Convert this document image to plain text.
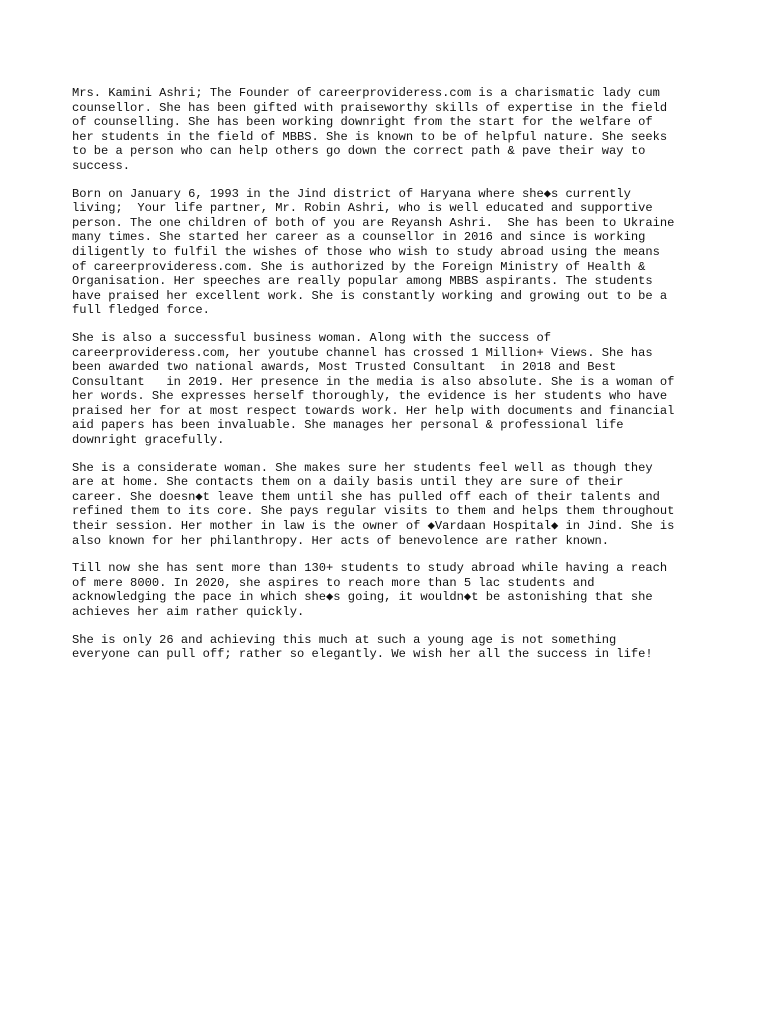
Mrs. Kamini Ashri; The Founder of careerprovideress.com is a charismatic lady cum
counsellor. She has been gifted with praiseworthy skills of expertise in the field
of counselling. She has been working downright from the start for the welfare of
her students in the field of MBBS. She is known to be of helpful nature. She seeks
to be a person who can help others go down the correct path & pave their way to
success.

Born on January 6, 1993 in the Jind district of Haryana where she◆s currently
living;  Your life partner, Mr. Robin Ashri, who is well educated and supportive
person. The one children of both of you are Reyansh Ashri.  She has been to Ukraine
many times. She started her career as a counsellor in 2016 and since is working
diligently to fulfil the wishes of those who wish to study abroad using the means
of careerprovideress.com. She is authorized by the Foreign Ministry of Health &
Organisation. Her speeches are really popular among MBBS aspirants. The students
have praised her excellent work. She is constantly working and growing out to be a
full fledged force.

She is also a successful business woman. Along with the success of
careerprovideress.com, her youtube channel has crossed 1 Million+ Views. She has
been awarded two national awards, Most Trusted Consultant  in 2018 and Best
Consultant   in 2019. Her presence in the media is also absolute. She is a woman of
her words. She expresses herself thoroughly, the evidence is her students who have
praised her for at most respect towards work. Her help with documents and financial
aid papers has been invaluable. She manages her personal & professional life
downright gracefully.

She is a considerate woman. She makes sure her students feel well as though they
are at home. She contacts them on a daily basis until they are sure of their
career. She doesn◆t leave them until she has pulled off each of their talents and
refined them to its core. She pays regular visits to them and helps them throughout
their session. Her mother in law is the owner of ◆Vardaan Hospital◆ in Jind. She is
also known for her philanthropy. Her acts of benevolence are rather known.

Till now she has sent more than 130+ students to study abroad while having a reach
of mere 8000. In 2020, she aspires to reach more than 5 lac students and
acknowledging the pace in which she◆s going, it wouldn◆t be astonishing that she
achieves her aim rather quickly.

She is only 26 and achieving this much at such a young age is not something
everyone can pull off; rather so elegantly. We wish her all the success in life!
